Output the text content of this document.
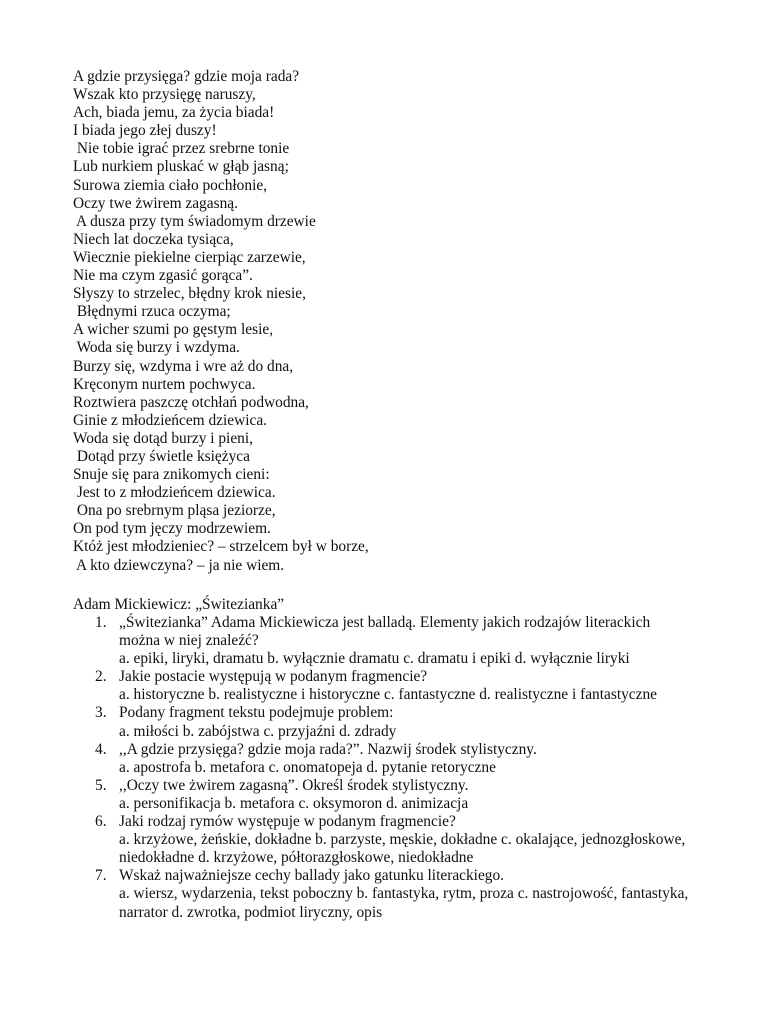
A gdzie przysięga? gdzie moja rada?
Wszak kto przysięgę naruszy,
Ach, biada jemu, za życia biada!
I biada jego złej duszy!
Nie tobie igrać przez srebrne tonie
Lub nurkiem pluskać w głąb jasną;
Surowa ziemia ciało pochłonie,
Oczy twe żwirem zagasną.
A dusza przy tym świadomym drzewie
Niech lat doczeka tysiąca,
Wiecznie piekielne cierpiąc zarzewie,
Nie ma czym zgasić gorąca”.
Słyszy to strzelec, błędny krok niesie,
Błędnymi rzuca oczyma;
A wicher szumi po gęstym lesie,
Woda się burzy i wzdyma.
Burzy się, wzdyma i wre aż do dna,
Kręconym nurtem pochwyca.
Roztwiera paszczę otchłań podwodna,
Ginie z młodzieńcem dziewica.
Woda się dotąd burzy i pieni,
Dotąd przy świetle księżyca
Snuje się para znikomych cieni:
Jest to z młodzieńcem dziewica.
Ona po srebrnym pląsa jeziorze,
On pod tym jęczy modrzewiem.
Któż jest młodzieniec? – strzelcem był w borze,
A kto dziewczyna? – ja nie wiem.
Adam Mickiewicz: „Świtezianka”
1. „Świtezianka” Adama Mickiewicza jest balladą. Elementy jakich rodzajów literackich można w niej znaleźć?
a. epiki, liryki, dramatu b. wyłącznie dramatu c. dramatu i epiki d. wyłącznie liryki
2. Jakie postacie występują w podanym fragmencie?
a. historyczne b. realistyczne i historyczne c. fantastyczne d. realistyczne i fantastyczne
3. Podany fragment tekstu podejmuje problem:
a. miłości b. zabójstwa c. przyjaźni d. zdrady
4. ,,A gdzie przysięga? gdzie moja rada?”. Nazwij środek stylistyczny.
a. apostrofa b. metafora c. onomatopeja d. pytanie retoryczne
5. ,,Oczy twe żwirem zagasną”. Określ środek stylistyczny.
a. personifikacja b. metafora c. oksymoron d. animizacja
6. Jaki rodzaj rymów występuje w podanym fragmencie?
a. krzyżowe, żeńskie, dokładne b. parzyste, męskie, dokładne c. okalające, jednozgłoskowe, niedokładne d. krzyżowe, półtorazgłoskowe, niedokładne
7. Wskaż najważniejsze cechy ballady jako gatunku literackiego.
a. wiersz, wydarzenia, tekst poboczny b. fantastyka, rytm, proza c. nastrojowość, fantastyka, narrator d. zwrotka, podmiot liryczny, opis
